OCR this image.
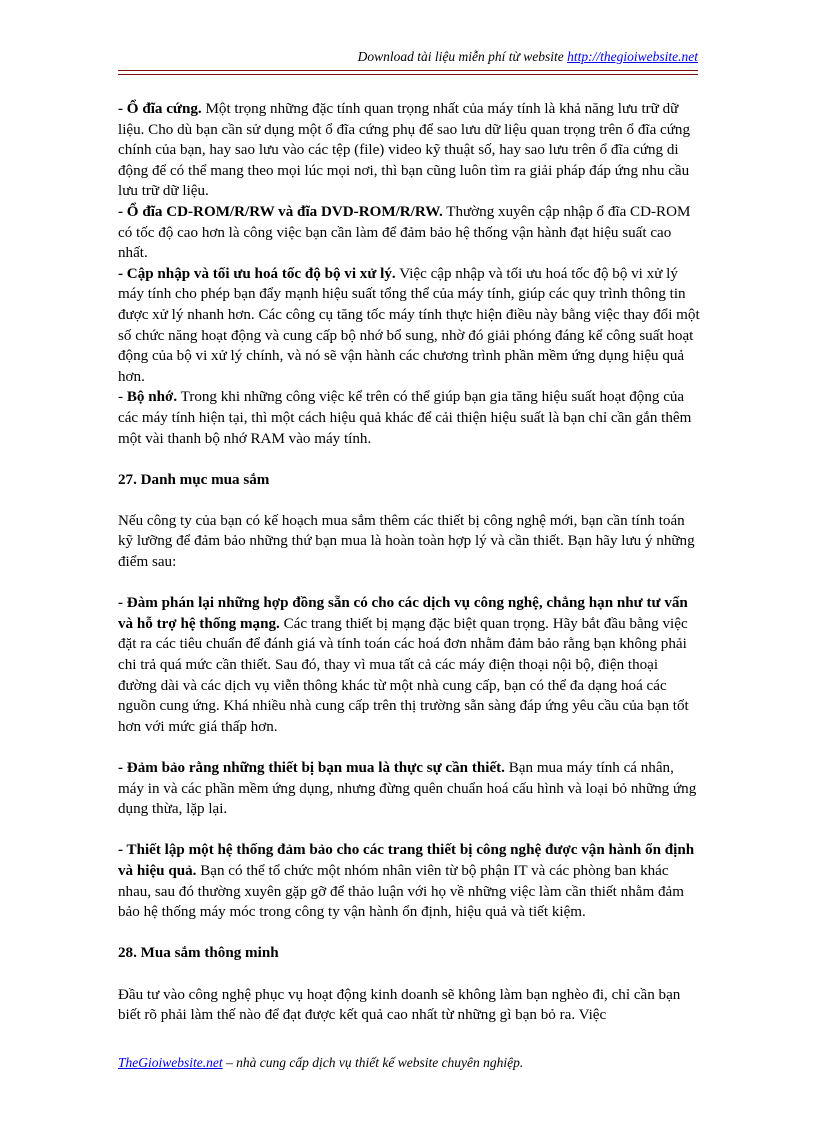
Download tài liệu miễn phí từ website http://thegioiwebsite.net

- Ổ đĩa cứng. Một trọng những đặc tính quan trọng nhất của máy tính là khả năng lưu trữ dữ liệu. Cho dù bạn cần sử dụng một ổ đĩa cứng phụ để sao lưu dữ liệu quan trọng trên ổ đĩa cứng chính của bạn, hay sao lưu vào các tệp (file) video kỹ thuật số, hay sao lưu trên ổ đĩa cứng di động để có thể mang theo mọi lúc mọi nơi, thì bạn cũng luôn tìm ra giải pháp đáp ứng nhu cầu lưu trữ dữ liệu.

- Ổ đĩa CD-ROM/R/RW và đĩa DVD-ROM/R/RW. Thường xuyên cập nhập ổ đĩa CD-ROM có tốc độ cao hơn là công việc bạn cần làm để đảm bảo hệ thống vận hành đạt hiệu suất cao nhất.

- Cập nhập và tối ưu hoá tốc độ bộ vi xử lý. Việc cập nhập và tối ưu hoá tốc độ bộ vi xử lý máy tính cho phép bạn đẩy mạnh hiệu suất tổng thể của máy tính, giúp các quy trình thông tin được xử lý nhanh hơn. Các công cụ tăng tốc máy tính thực hiện điều này bằng việc thay đổi một số chức năng hoạt động và cung cấp bộ nhớ bổ sung, nhờ đó giải phóng đáng kể công suất hoạt động của bộ vi xử lý chính, và nó sẽ vận hành các chương trình phần mềm ứng dụng hiệu quả hơn.

- Bộ nhớ. Trong khi những công việc kể trên có thể giúp bạn gia tăng hiệu suất hoạt động của các máy tính hiện tại, thì một cách hiệu quả khác để cải thiện hiệu suất là bạn chỉ cần gắn thêm một vài thanh bộ nhớ RAM vào máy tính.

27. Danh mục mua sắm

Nếu công ty của bạn có kế hoạch mua sắm thêm các thiết bị công nghệ mới, bạn cần tính toán kỹ lưỡng để đảm bảo những thứ bạn mua là hoàn toàn hợp lý và cần thiết. Bạn hãy lưu ý những điểm sau:

- Đàm phán lại những hợp đồng sẵn có cho các dịch vụ công nghệ, chẳng hạn như tư vấn và hỗ trợ hệ thống mạng. Các trang thiết bị mạng đặc biệt quan trọng. Hãy bắt đầu bằng việc đặt ra các tiêu chuẩn để đánh giá và tính toán các hoá đơn nhằm đảm bảo rằng bạn không phải chi trả quá mức cần thiết. Sau đó, thay vì mua tất cả các máy điện thoại nội bộ, điện thoại đường dài và các dịch vụ viễn thông khác từ một nhà cung cấp, bạn có thể đa dạng hoá các nguồn cung ứng. Khá nhiều nhà cung cấp trên thị trường sẵn sàng đáp ứng yêu cầu của bạn tốt hơn với mức giá thấp hơn.

- Đảm bảo rằng những thiết bị bạn mua là thực sự cần thiết. Bạn mua máy tính cá nhân, máy in và các phần mềm ứng dụng, nhưng đừng quên chuẩn hoá cấu hình và loại bỏ những ứng dụng thừa, lặp lại.

- Thiết lập một hệ thống đảm bảo cho các trang thiết bị công nghệ được vận hành ổn định và hiệu quả. Bạn có thể tổ chức một nhóm nhân viên từ bộ phận IT và các phòng ban khác nhau, sau đó thường xuyên gặp gỡ để thảo luận với họ về những việc làm cần thiết nhằm đảm bảo hệ thống máy móc trong công ty vận hành ổn định, hiệu quả và tiết kiệm.

28. Mua sắm thông minh

Đầu tư vào công nghệ phục vụ hoạt động kinh doanh sẽ không làm bạn nghèo đi, chỉ cần bạn biết rõ phải làm thế nào để đạt được kết quả cao nhất từ những gì bạn bỏ ra. Việc

TheGioiwebsite.net – nhà cung cấp dịch vụ thiết kế website chuyên nghiệp.
